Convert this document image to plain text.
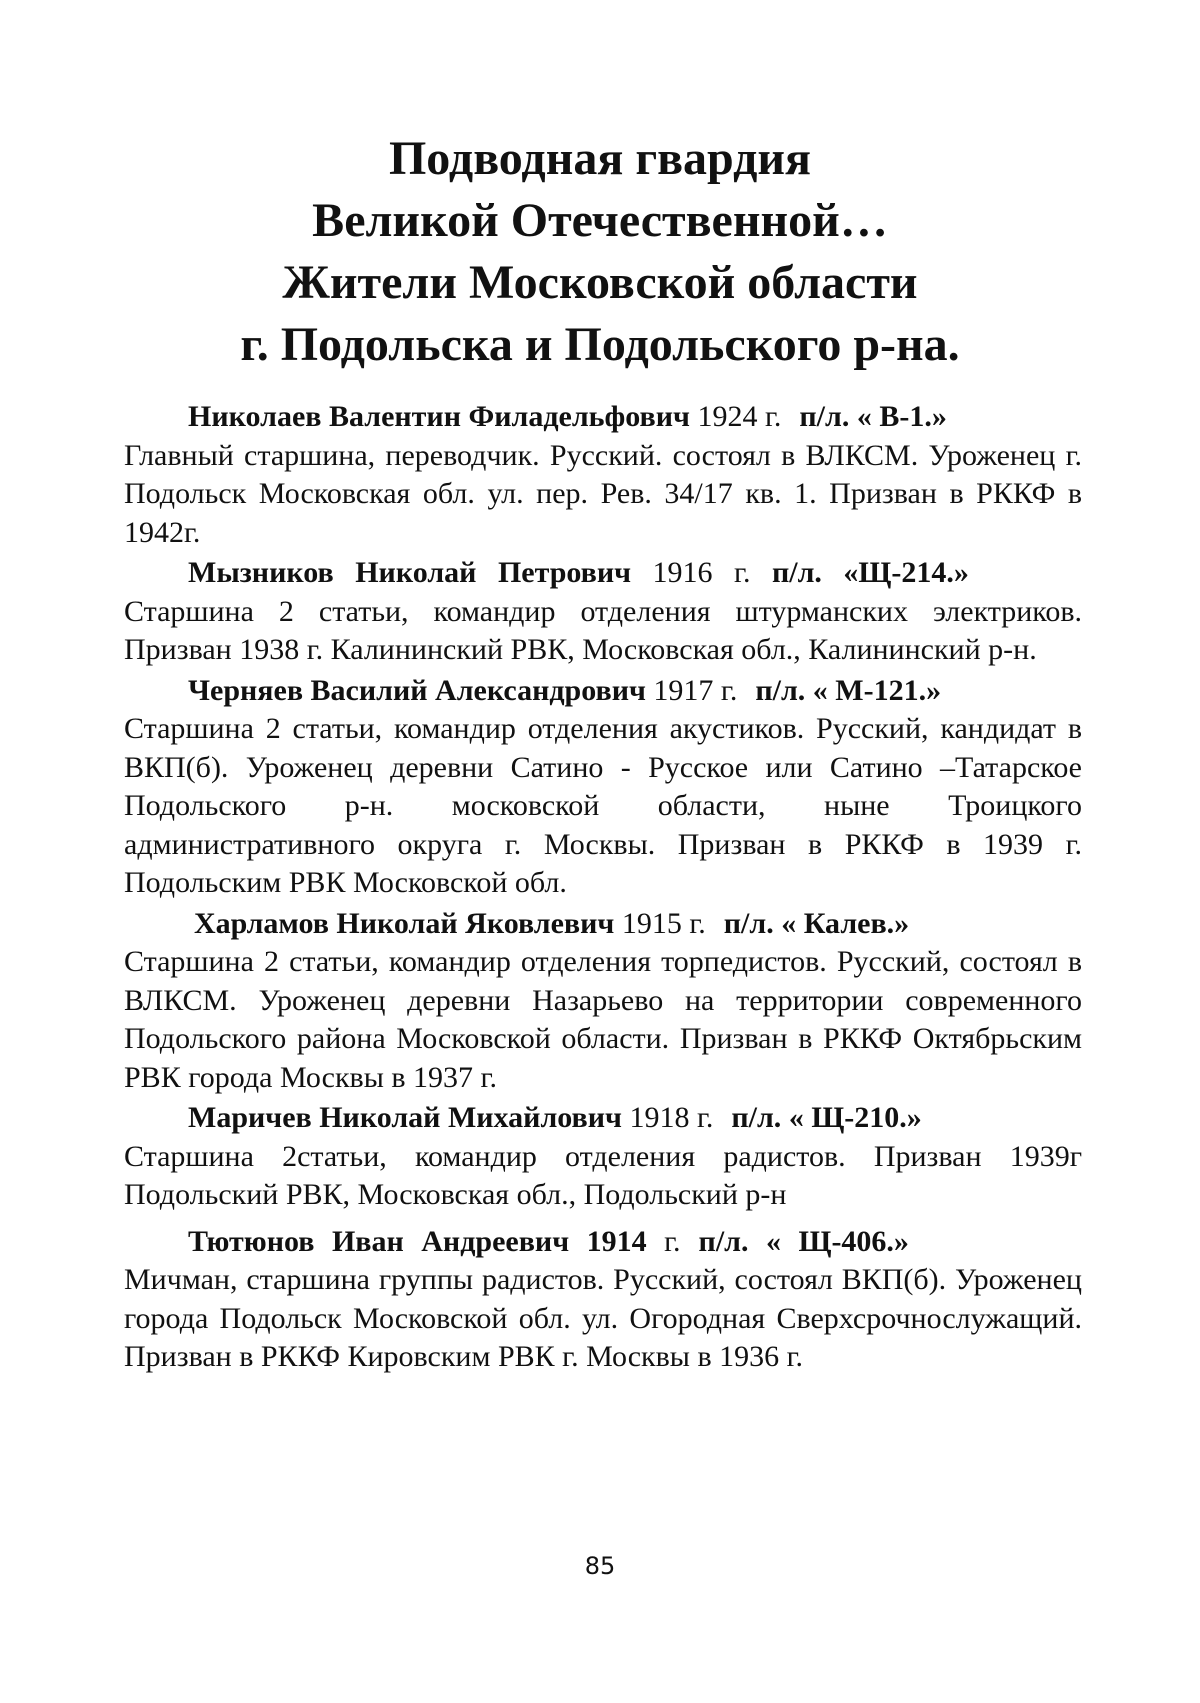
Подводная гвардия
Великой Отечественной…
Жители Московской области
г. Подольска и Подольского р-на.

Николаев Валентин Филадельфович 1924 г. п/л. « В-1.»
Главный старшина, переводчик. Русский. состоял в ВЛКСМ. Уроженец г. Подольск Московская обл. ул. пер. Рев. 34/17 кв. 1. Призван в РККФ в 1942г.

Мызников Николай Петрович 1916 г. п/л. «Щ-214.»
Старшина 2 статьи, командир отделения штурманских электриков. Призван 1938 г. Калининский РВК, Московская обл., Калининский р-н.

Черняев Василий Александрович 1917 г. п/л. « М-121.»
Старшина 2 статьи, командир отделения акустиков. Русский, кандидат в ВКП(б). Уроженец деревни Сатино - Русское или Сатино –Татарское Подольского р-н. московской области, ныне Троицкого административного округа г. Москвы. Призван в РККФ в 1939 г. Подольским РВК Московской обл.

Харламов Николай Яковлевич 1915 г. п/л. « Калев.»
Старшина 2 статьи, командир отделения торпедистов. Русский, состоял в ВЛКСМ. Уроженец деревни Назарьево на территории современного Подольского района Московской области. Призван в РККФ Октябрьским РВК города Москвы в 1937 г.

Маричев Николай Михайлович 1918 г. п/л. « Щ-210.»
Старшина 2статьи, командир отделения радистов. Призван 1939г Подольский РВК, Московская обл., Подольский р-н

Тютюнов Иван Андреевич 1914 г. п/л. « Щ-406.»
Мичман, старшина группы радистов. Русский, состоял ВКП(б). Уроженец города Подольск Московской обл. ул. Огородная Сверхсрочнослужащий. Призван в РККФ Кировским РВК г. Москвы в 1936 г.

85
